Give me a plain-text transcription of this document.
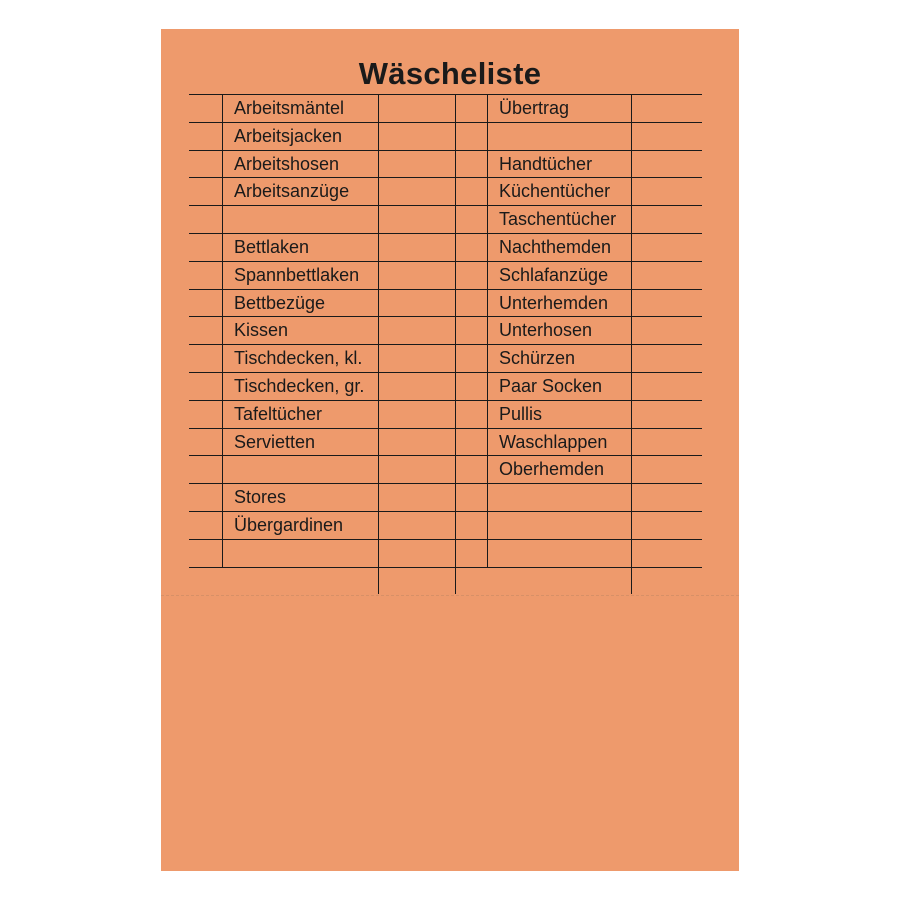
Wäscheliste
Arbeitsmäntel
Arbeitsjacken
Arbeitshosen
Arbeitsanzüge
Bettlaken
Spannbettlaken
Bettbezüge
Kissen
Tischdecken, kl.
Tischdecken, gr.
Tafeltücher
Servietten
Stores
Übergardinen
Übertrag
Handtücher
Küchentücher
Taschentücher
Nachthemden
Schlafanzüge
Unterhemden
Unterhosen
Schürzen
Paar Socken
Pullis
Waschlappen
Oberhemden
